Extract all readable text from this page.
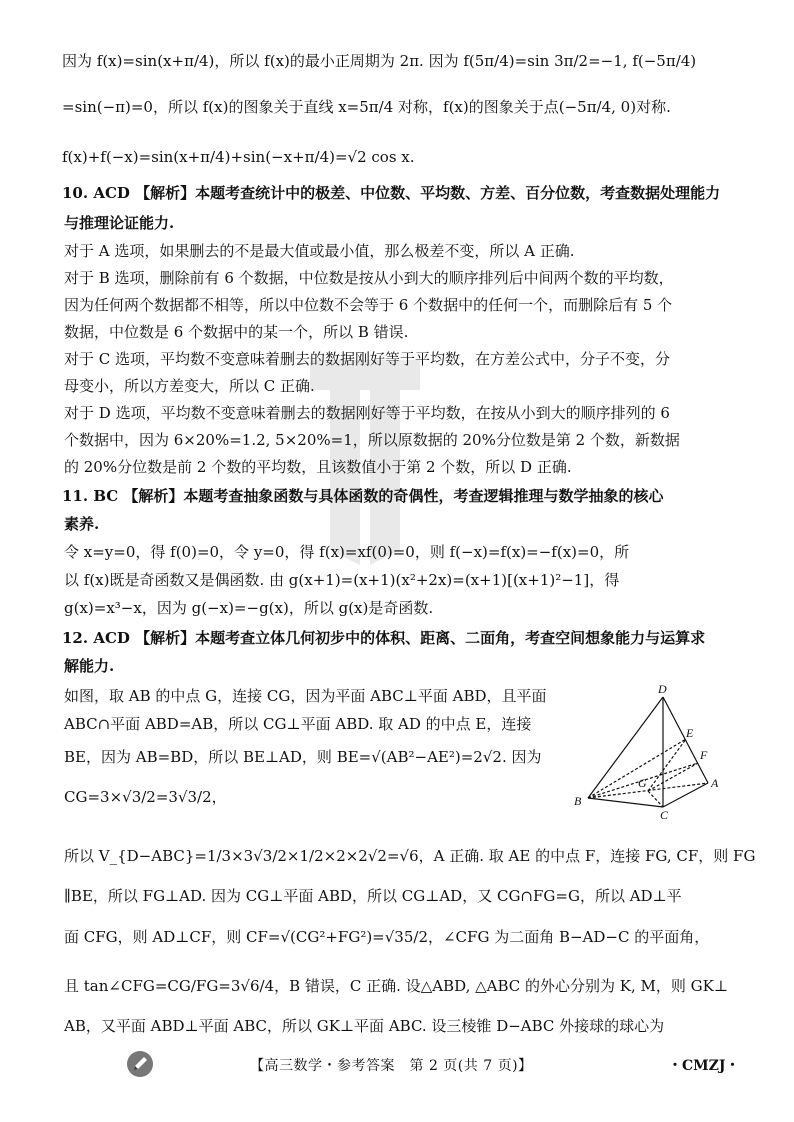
因为 f(x)=sin(x+π/4)，所以 f(x)的最小正周期为 2π. 因为 f(5π/4)=sin 3π/2=−1, f(−5π/4)
=sin(−π)=0，所以 f(x)的图象关于直线 x=5π/4 对称，f(x)的图象关于点(−5π/4, 0)对称.
f(x)+f(−x)=sin(x+π/4)+sin(−x+π/4)=√2 cos x.
10. ACD 【解析】本题考查统计中的极差、中位数、平均数、方差、百分位数，考查数据处理能力
与推理论证能力.
对于 A 选项，如果删去的不是最大值或最小值，那么极差不变，所以 A 正确.
对于 B 选项，删除前有 6 个数据，中位数是按从小到大的顺序排列后中间两个数的平均数，
因为任何两个数据都不相等，所以中位数不会等于 6 个数据中的任何一个，而删除后有 5 个
数据，中位数是 6 个数据中的某一个，所以 B 错误.
对于 C 选项，平均数不变意味着删去的数据刚好等于平均数，在方差公式中，分子不变，分
母变小，所以方差变大，所以 C 正确.
对于 D 选项，平均数不变意味着删去的数据刚好等于平均数，在按从小到大的顺序排列的 6
个数据中，因为 6×20%=1.2, 5×20%=1，所以原数据的 20%分位数是第 2 个数，新数据
的 20%分位数是前 2 个数的平均数，且该数值小于第 2 个数，所以 D 正确.
11. BC 【解析】本题考查抽象函数与具体函数的奇偶性，考查逻辑推理与数学抽象的核心
素养.
令 x=y=0，得 f(0)=0，令 y=0，得 f(x)=xf(0)=0，则 f(−x)=f(x)=−f(x)=0，所
以 f(x)既是奇函数又是偶函数. 由 g(x+1)=(x+1)(x²+2x)=(x+1)[(x+1)²−1]，得
g(x)=x³−x，因为 g(−x)=−g(x)，所以 g(x)是奇函数.
12. ACD 【解析】本题考查立体几何初步中的体积、距离、二面角，考查空间想象能力与运算求
解能力.
如图，取 AB 的中点 G，连接 CG，因为平面 ABC⊥平面 ABD，且平面
ABC∩平面 ABD=AB，所以 CG⊥平面 ABD. 取 AD 的中点 E，连接
BE，因为 AB=BD，所以 BE⊥AD，则 BE=√(AB²−AE²)=2√2. 因为
CG=3×√3/2=3√3/2，
所以 V_{D−ABC}=1/3×3√3/2×1/2×2×2√2=√6，A 正确. 取 AE 的中点 F，连接 FG, CF，则 FG
∥BE，所以 FG⊥AD. 因为 CG⊥平面 ABD，所以 CG⊥AD，又 CG∩FG=G，所以 AD⊥平
面 CFG，则 AD⊥CF，则 CF=√(CG²+FG²)=√35/2，∠CFG 为二面角 B−AD−C 的平面角，
且 tan∠CFG=CG/FG=3√6/4，B 错误，C 正确. 设△ABD, △ABC 的外心分别为 K, M，则 GK⊥
AB，又平面 ABD⊥平面 ABC，所以 GK⊥平面 ABC. 设三棱锥 D−ABC 外接球的球心为
D
E
F
A
G
B
C
【高三数学・参考答案　第 2 页(共 7 页)】	・CMZJ・
